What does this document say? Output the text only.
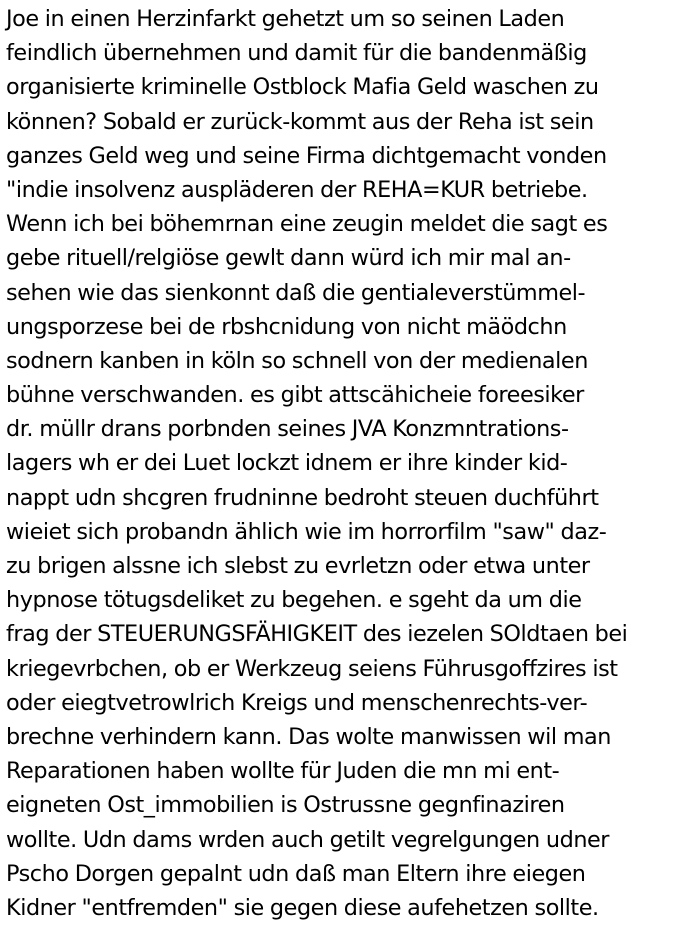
Joe in einen Herzinfarkt gehetzt um so seinen Laden
feindlich übernehmen und damit für die bandenmäßig
organisierte kriminelle Ostblock Mafia Geld waschen zu
können? Sobald er zurück-kommt aus der Reha ist sein
ganzes Geld weg und seine Firma dichtgemacht vonden
"indie insolvenz auspläderen der REHA=KUR betriebe.
Wenn ich bei böhemrnan eine zeugin meldet die sagt es
gebe rituell/relgiöse gewlt dann würd ich mir mal an-
sehen wie das sienkonnt daß die gentialeverstümmel-
ungsporzese bei de rbshcnidung von nicht mäödchn
sodnern kanben in köln so schnell von der medienalen
bühne verschwanden. es gibt attscähicheie foreesiker
dr. müllr drans porbnden seines JVA Konzmntrations-
lagers wh er dei Luet lockzt idnem er ihre kinder kid-
nappt udn shcgren frudninne bedroht steuen duchführt
wieiet sich probandn ählich wie im horrorfilm "saw" daz-
zu brigen alssne ich slebst zu evrletzn oder etwa unter
hypnose tötugsdeliket zu begehen. e sgeht da um die
frag der STEUERUNGSFÄHIGKEIT des iezelen SOldtaen bei
kriegevrbchen, ob er Werkzeug seiens Führusgoffzires ist
oder eiegtvetrowlrich Kreigs und menschenrechts-ver-
brechne verhindern kann. Das wolte manwissen wil man
Reparationen haben wollte für Juden die mn mi ent-
eigneten Ost_immobilien is Ostrussne gegnfinaziren
wollte. Udn dams wrden auch getilt vegrelgungen udner
Pscho Dorgen gepalnt udn daß man Eltern ihre eiegen
Kidner "entfremden" sie gegen diese aufehetzen sollte.
